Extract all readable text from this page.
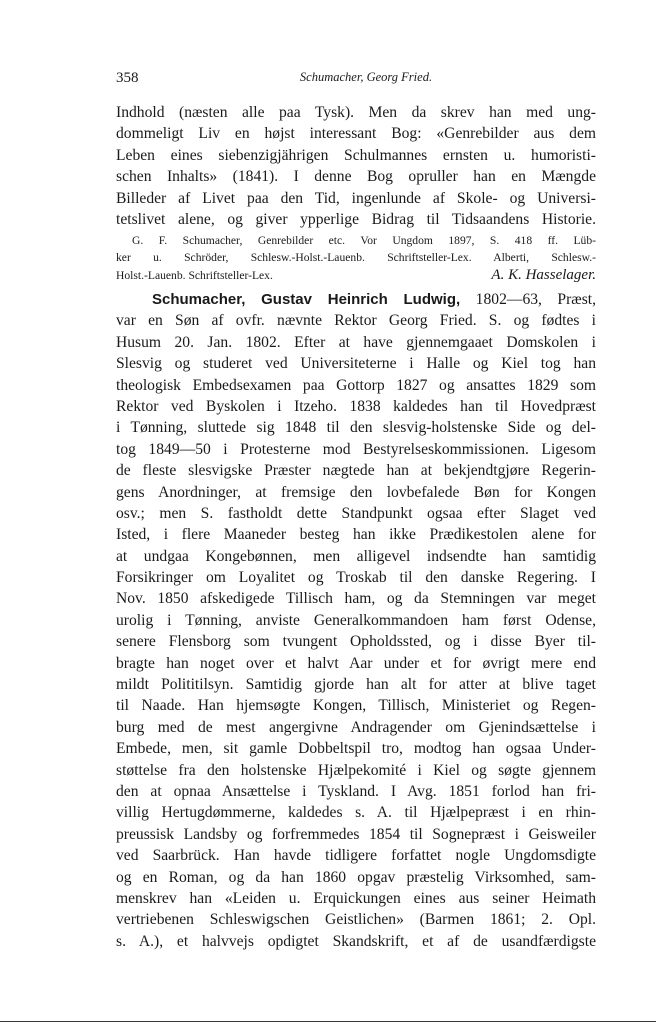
358	Schumacher, Georg Fried.
Indhold (næsten alle paa Tysk). Men da skrev han med ung-
dommeligt Liv en højst interessant Bog: «Genrebilder aus dem
Leben eines siebenzigjährigen Schulmannes ernsten u. humoristi-
schen Inhalts» (1841). I denne Bog opruller han en Mængde
Billeder af Livet paa den Tid, ingenlunde af Skole- og Universi-
tetslivet alene, og giver ypperlige Bidrag til Tidsaandens Historie.
G. F. Schumacher, Genrebilder etc. Vor Ungdom 1897, S. 418 ff. Lüb-
ker u. Schröder, Schlesw.-Holst.-Lauenb. Schriftsteller-Lex. Alberti, Schlesw.-
Holst.-Lauenb. Schriftsteller-Lex.	A. K. Hasselager.
Schumacher, Gustav Heinrich Ludwig, 1802—63, Præst,
var en Søn af ovfr. nævnte Rektor Georg Fried. S. og fødtes i
Husum 20. Jan. 1802. Efter at have gjennemgaaet Domskolen i
Slesvig og studeret ved Universiteterne i Halle og Kiel tog han
theologisk Embedsexamen paa Gottorp 1827 og ansattes 1829 som
Rektor ved Byskolen i Itzeho. 1838 kaldedes han til Hovedpræst
i Tønning, sluttede sig 1848 til den slesvig-holstenske Side og del-
tog 1849—50 i Protesterne mod Bestyrelseskommissionen. Ligesom
de fleste slesvigske Præster nægtede han at bekjendtgjøre Regerin-
gens Anordninger, at fremsige den lovbefalede Bøn for Kongen
osv.; men S. fastholdt dette Standpunkt ogsaa efter Slaget ved
Isted, i flere Maaneder besteg han ikke Prædikestolen alene for
at undgaa Kongebønnen, men alligevel indsendte han samtidig
Forsikringer om Loyalitet og Troskab til den danske Regering. I
Nov. 1850 afskedigede Tillisch ham, og da Stemningen var meget
urolig i Tønning, anviste Generalkommandoen ham først Odense,
senere Flensborg som tvungent Opholdssted, og i disse Byer til-
bragte han noget over et halvt Aar under et for øvrigt mere end
mildt Polititilsyn. Samtidig gjorde han alt for atter at blive taget
til Naade. Han hjemsøgte Kongen, Tillisch, Ministeriet og Regen-
burg med de mest angergivne Andragender om Gjenindsættelse i
Embede, men, sit gamle Dobbeltspil tro, modtog han ogsaa Under-
støttelse fra den holstenske Hjælpekomité i Kiel og søgte gjennem
den at opnaa Ansættelse i Tyskland. I Avg. 1851 forlod han fri-
villig Hertugdømmerne, kaldedes s. A. til Hjælpepræst i en rhin-
preussisk Landsby og forfremmedes 1854 til Sognepræst i Geisweiler
ved Saarbrück. Han havde tidligere forfattet nogle Ungdomsdigte
og en Roman, og da han 1860 opgav præstelig Virksomhed, sam-
menskrev han «Leiden u. Erquickungen eines aus seiner Heimath
vertriebenen Schleswigschen Geistlichen» (Barmen 1861; 2. Opl.
s. A.), et halvvejs opdigtet Skandskrift, et af de usandfærdigste
